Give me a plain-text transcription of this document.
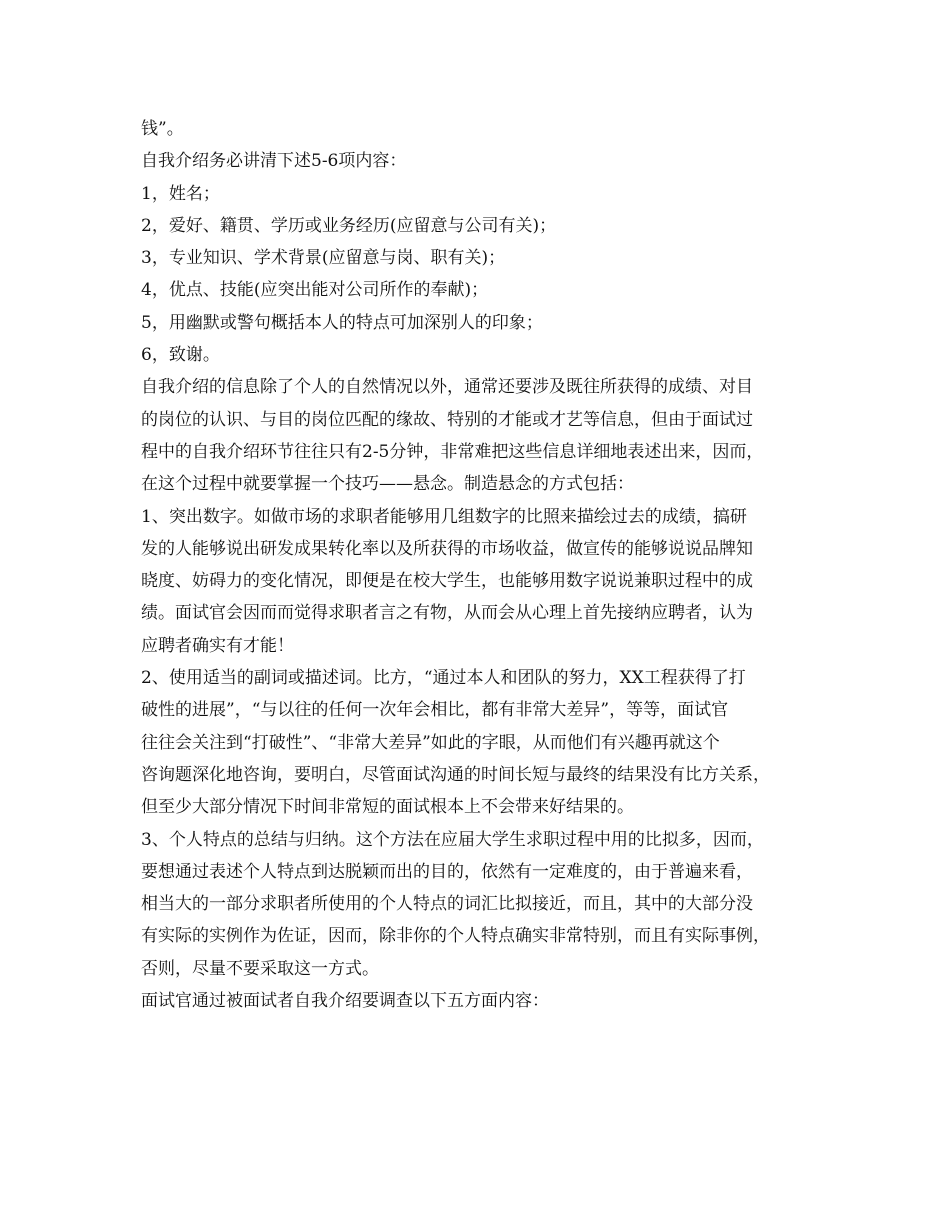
钱”。
自我介绍务必讲清下述5-6项内容：
1，姓名；
2，爱好、籍贯、学历或业务经历(应留意与公司有关)；
3，专业知识、学术背景(应留意与岗、职有关)；
4，优点、技能(应突出能对公司所作的奉献)；
5，用幽默或警句概括本人的特点可加深别人的印象；
6，致谢。
自我介绍的信息除了个人的自然情况以外，通常还要涉及既往所获得的成绩、对目
的岗位的认识、与目的岗位匹配的缘故、特别的才能或才艺等信息，但由于面试过
程中的自我介绍环节往往只有2-5分钟，非常难把这些信息详细地表述出来，因而，
在这个过程中就要掌握一个技巧——悬念。制造悬念的方式包括：
1、突出数字。如做市场的求职者能够用几组数字的比照来描绘过去的成绩，搞研
发的人能够说出研发成果转化率以及所获得的市场收益，做宣传的能够说说品牌知
晓度、妨碍力的变化情况，即便是在校大学生，也能够用数字说说兼职过程中的成
绩。面试官会因而而觉得求职者言之有物，从而会从心理上首先接纳应聘者，认为
应聘者确实有才能！
2、使用适当的副词或描述词。比方，“通过本人和团队的努力，XX工程获得了打
破性的进展”，“与以往的任何一次年会相比，都有非常大差异”，等等，面试官
往往会关注到“打破性”、“非常大差异”如此的字眼，从而他们有兴趣再就这个
咨询题深化地咨询，要明白，尽管面试沟通的时间长短与最终的结果没有比方关系，
但至少大部分情况下时间非常短的面试根本上不会带来好结果的。
3、个人特点的总结与归纳。这个方法在应届大学生求职过程中用的比拟多，因而，
要想通过表述个人特点到达脱颖而出的目的，依然有一定难度的，由于普遍来看，
相当大的一部分求职者所使用的个人特点的词汇比拟接近，而且，其中的大部分没
有实际的实例作为佐证，因而，除非你的个人特点确实非常特别，而且有实际事例，
否则，尽量不要采取这一方式。
面试官通过被面试者自我介绍要调查以下五方面内容：
